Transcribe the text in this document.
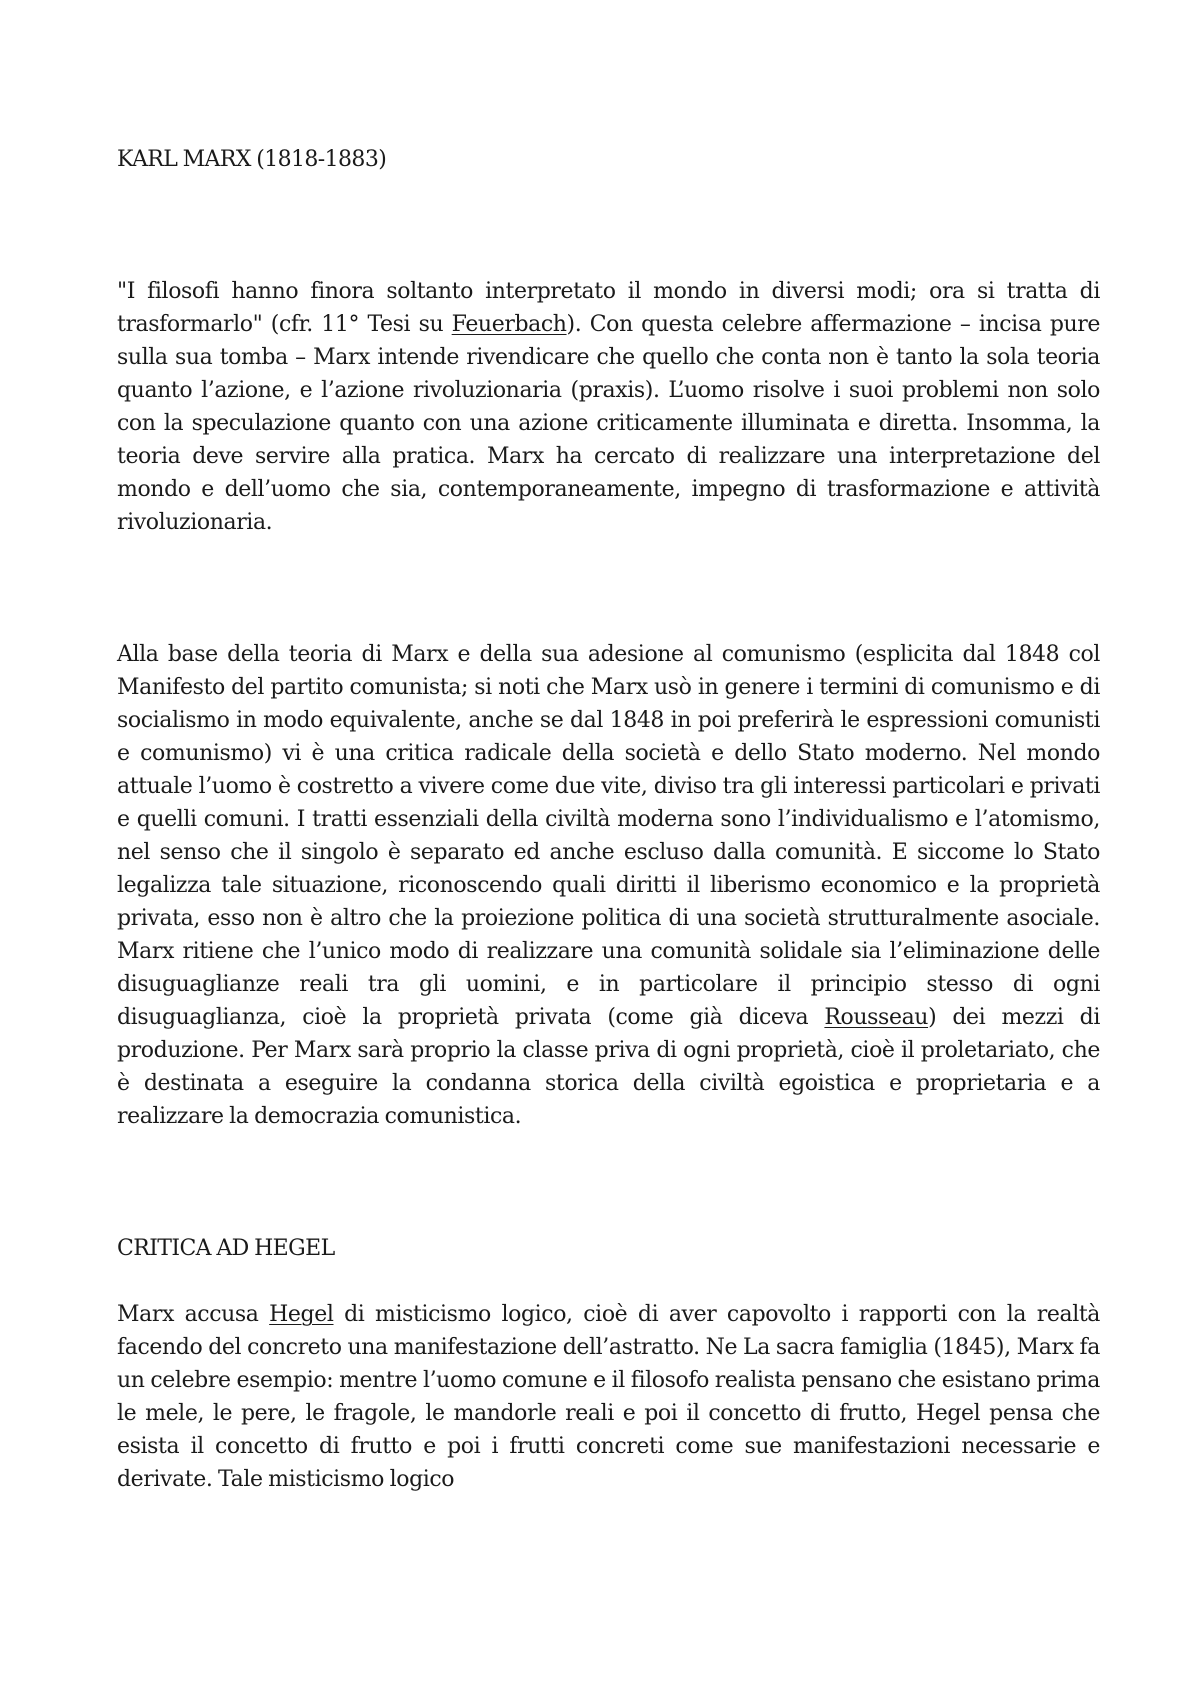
KARL MARX (1818-1883)

"I filosofi hanno finora soltanto interpretato il mondo in diversi modi; ora si tratta di trasformarlo" (cfr. 11° Tesi su Feuerbach). Con questa celebre affermazione – incisa pure sulla sua tomba – Marx intende rivendicare che quello che conta non è tanto la sola teoria quanto l’azione, e l’azione rivoluzionaria (praxis). L’uomo risolve i suoi problemi non solo con la speculazione quanto con una azione criticamente illuminata e diretta. Insomma, la teoria deve servire alla pratica. Marx ha cercato di realizzare una interpretazione del mondo e dell’uomo che sia, contemporaneamente, impegno di trasformazione e attività rivoluzionaria.

Alla base della teoria di Marx e della sua adesione al comunismo (esplicita dal 1848 col Manifesto del partito comunista; si noti che Marx usò in genere i termini di comunismo e di socialismo in modo equivalente, anche se dal 1848 in poi preferirà le espressioni comunisti e comunismo) vi è una critica radicale della società e dello Stato moderno. Nel mondo attuale l’uomo è costretto a vivere come due vite, diviso tra gli interessi particolari e privati e quelli comuni. I tratti essenziali della civiltà moderna sono l’individualismo e l’atomismo, nel senso che il singolo è separato ed anche escluso dalla comunità. E siccome lo Stato legalizza tale situazione, riconoscendo quali diritti il liberismo economico e la proprietà privata, esso non è altro che la proiezione politica di una società strutturalmente asociale. Marx ritiene che l’unico modo di realizzare una comunità solidale sia l’eliminazione delle disuguaglianze reali tra gli uomini, e in particolare il principio stesso di ogni disuguaglianza, cioè la proprietà privata (come già diceva Rousseau) dei mezzi di produzione. Per Marx sarà proprio la classe priva di ogni proprietà, cioè il proletariato, che è destinata a eseguire la condanna storica della civiltà egoistica e proprietaria e a realizzare la democrazia comunistica.

CRITICA AD HEGEL

Marx accusa Hegel di misticismo logico, cioè di aver capovolto i rapporti con la realtà facendo del concreto una manifestazione dell’astratto. Ne La sacra famiglia (1845), Marx fa un celebre esempio: mentre l’uomo comune e il filosofo realista pensano che esistano prima le mele, le pere, le fragole, le mandorle reali e poi il concetto di frutto, Hegel pensa che esista il concetto di frutto e poi i frutti concreti come sue manifestazioni necessarie e derivate. Tale misticismo logico
